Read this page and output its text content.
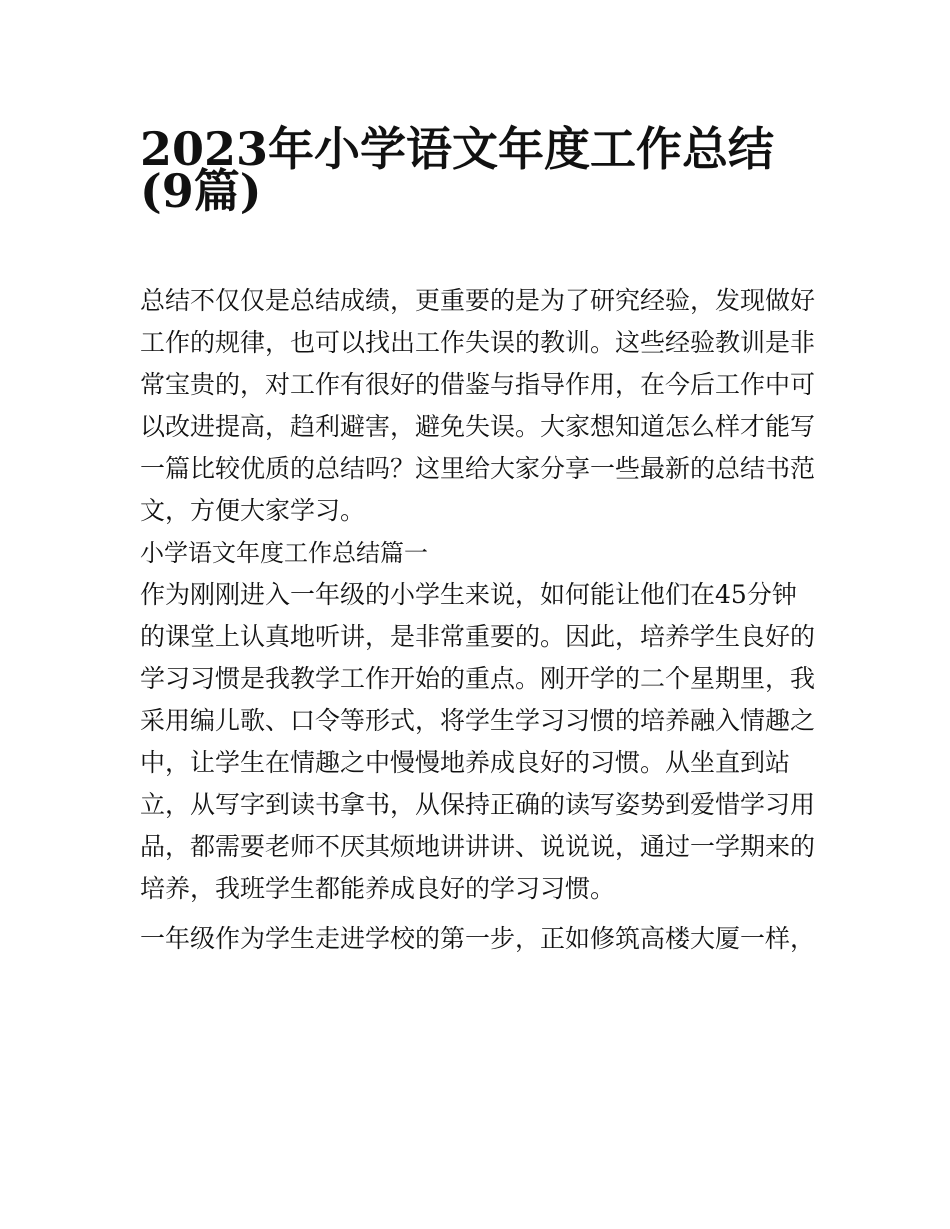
2023年小学语文年度工作总结
(9篇)
总结不仅仅是总结成绩，更重要的是为了研究经验，发现做好
工作的规律，也可以找出工作失误的教训。这些经验教训是非
常宝贵的，对工作有很好的借鉴与指导作用，在今后工作中可
以改进提高，趋利避害，避免失误。大家想知道怎么样才能写
一篇比较优质的总结吗？这里给大家分享一些最新的总结书范
文，方便大家学习。
小学语文年度工作总结篇一
作为刚刚进入一年级的小学生来说，如何能让他们在45分钟
的课堂上认真地听讲，是非常重要的。因此，培养学生良好的
学习习惯是我教学工作开始的重点。刚开学的二个星期里，我
采用编儿歌、口令等形式，将学生学习习惯的培养融入情趣之
中，让学生在情趣之中慢慢地养成良好的习惯。从坐直到站
立，从写字到读书拿书，从保持正确的读写姿势到爱惜学习用
品，都需要老师不厌其烦地讲讲讲、说说说，通过一学期来的
培养，我班学生都能养成良好的学习习惯。
一年级作为学生走进学校的第一步，正如修筑高楼大厦一样，
